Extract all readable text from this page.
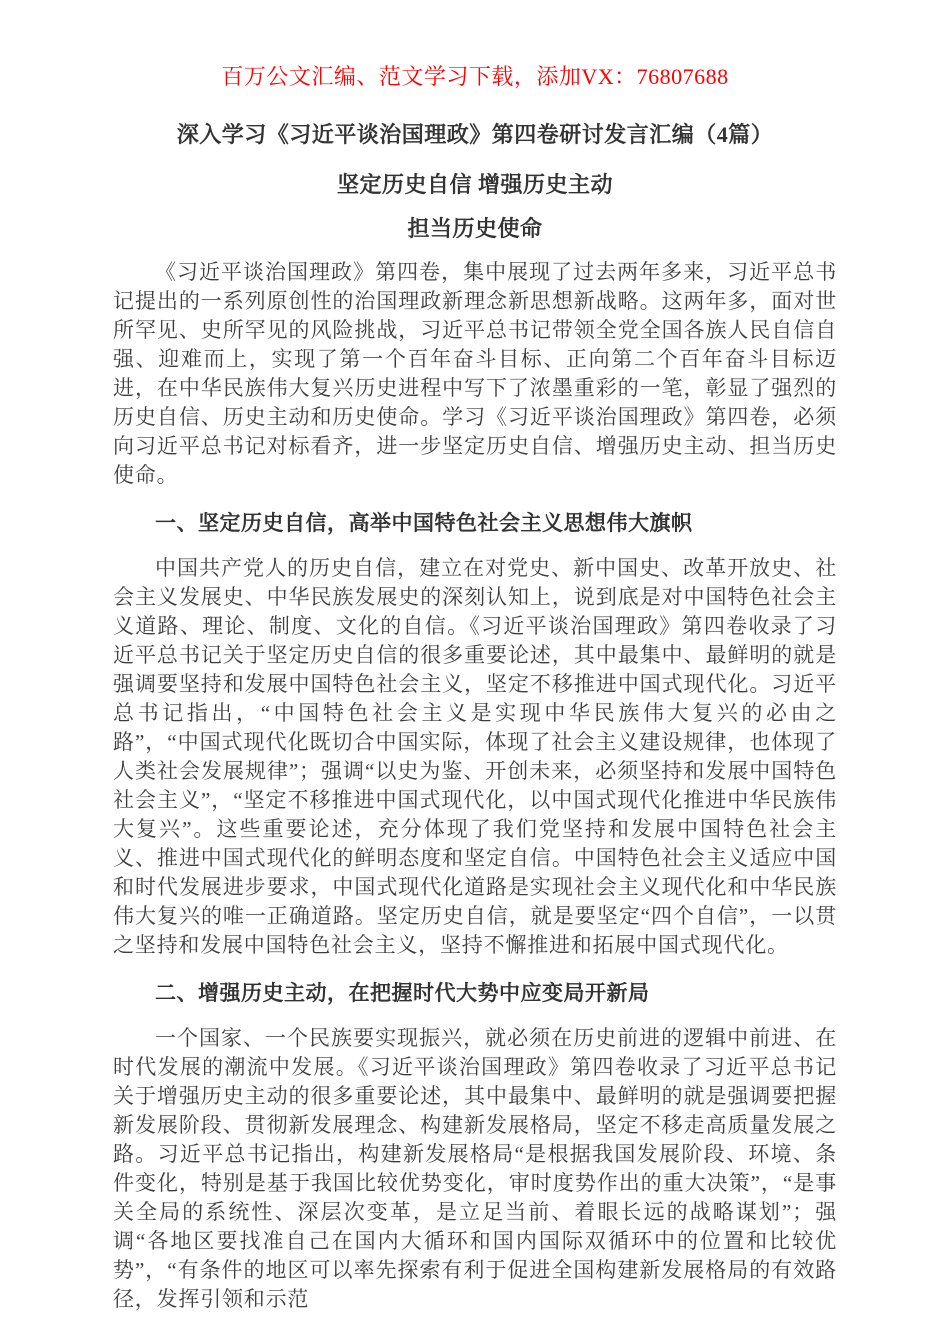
百万公文汇编、范文学习下载，添加VX：76807688
深入学习《习近平谈治国理政》第四卷研讨发言汇编（4篇）
坚定历史自信 增强历史主动
担当历史使命

《习近平谈治国理政》第四卷，集中展现了过去两年多来，习近平总书记提出的一系列原创性的治国理政新理念新思想新战略。这两年多，面对世所罕见、史所罕见的风险挑战，习近平总书记带领全党全国各族人民自信自强、迎难而上，实现了第一个百年奋斗目标、正向第二个百年奋斗目标迈进，在中华民族伟大复兴历史进程中写下了浓墨重彩的一笔，彰显了强烈的历史自信、历史主动和历史使命。学习《习近平谈治国理政》第四卷，必须向习近平总书记对标看齐，进一步坚定历史自信、增强历史主动、担当历史使命。

一、坚定历史自信，高举中国特色社会主义思想伟大旗帜

中国共产党人的历史自信，建立在对党史、新中国史、改革开放史、社会主义发展史、中华民族发展史的深刻认知上，说到底是对中国特色社会主义道路、理论、制度、文化的自信。《习近平谈治国理政》第四卷收录了习近平总书记关于坚定历史自信的很多重要论述，其中最集中、最鲜明的就是强调要坚持和发展中国特色社会主义，坚定不移推进中国式现代化。习近平总书记指出，“中国特色社会主义是实现中华民族伟大复兴的必由之路”，“中国式现代化既切合中国实际，体现了社会主义建设规律，也体现了人类社会发展规律”；强调“以史为鉴、开创未来，必须坚持和发展中国特色社会主义”，“坚定不移推进中国式现代化，以中国式现代化推进中华民族伟大复兴”。这些重要论述，充分体现了我们党坚持和发展中国特色社会主义、推进中国式现代化的鲜明态度和坚定自信。中国特色社会主义适应中国和时代发展进步要求，中国式现代化道路是实现社会主义现代化和中华民族伟大复兴的唯一正确道路。坚定历史自信，就是要坚定“四个自信”，一以贯之坚持和发展中国特色社会主义，坚持不懈推进和拓展中国式现代化。

二、增强历史主动，在把握时代大势中应变局开新局

一个国家、一个民族要实现振兴，就必须在历史前进的逻辑中前进、在时代发展的潮流中发展。《习近平谈治国理政》第四卷收录了习近平总书记关于增强历史主动的很多重要论述，其中最集中、最鲜明的就是强调要把握新发展阶段、贯彻新发展理念、构建新发展格局，坚定不移走高质量发展之路。习近平总书记指出，构建新发展格局“是根据我国发展阶段、环境、条件变化，特别是基于我国比较优势变化，审时度势作出的重大决策”，“是事关全局的系统性、深层次变革，是立足当前、着眼长远的战略谋划”；强调“各地区要找准自己在国内大循环和国内国际双循环中的位置和比较优势”，“有条件的地区可以率先探索有利于促进全国构建新发展格局的有效路径，发挥引领和示范
